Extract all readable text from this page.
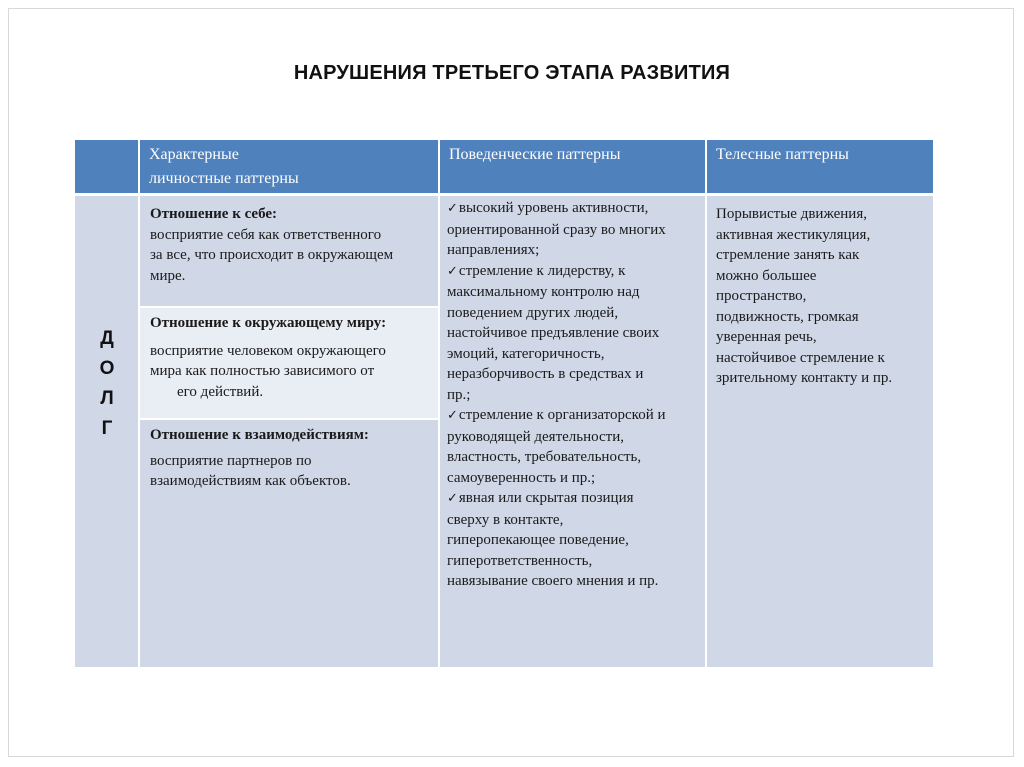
НАРУШЕНИЯ ТРЕТЬЕГО ЭТАПА РАЗВИТИЯ
Характерные
личностные паттерны
Поведенческие паттерны	Телесные паттерны
Д
О
Л
Г
Отношение к себе:
восприятие себя как ответственного
за все, что происходит в окружающем
мире.
Отношение к окружающему миру:
восприятие человеком окружающего
мира как полностью зависимого от
его действий.
Отношение к взаимодействиям:
восприятие партнеров по
взаимодействиям как объектов.
✓высокий уровень активности,
ориентированной сразу во многих
направлениях;
✓стремление к лидерству, к
максимальному контролю над
поведением других людей,
настойчивое предъявление своих
эмоций, категоричность,
неразборчивость в средствах и
пр.;
✓стремление к организаторской и
руководящей деятельности,
властность, требовательность,
самоуверенность и пр.;
✓явная или скрытая позиция
сверху в контакте,
гиперопекающее поведение,
гиперответственность,
навязывание своего мнения и пр.
Порывистые движения,
активная жестикуляция,
стремление занять как
можно большее
пространство,
подвижность, громкая
уверенная речь,
настойчивое стремление к
зрительному контакту и пр.
